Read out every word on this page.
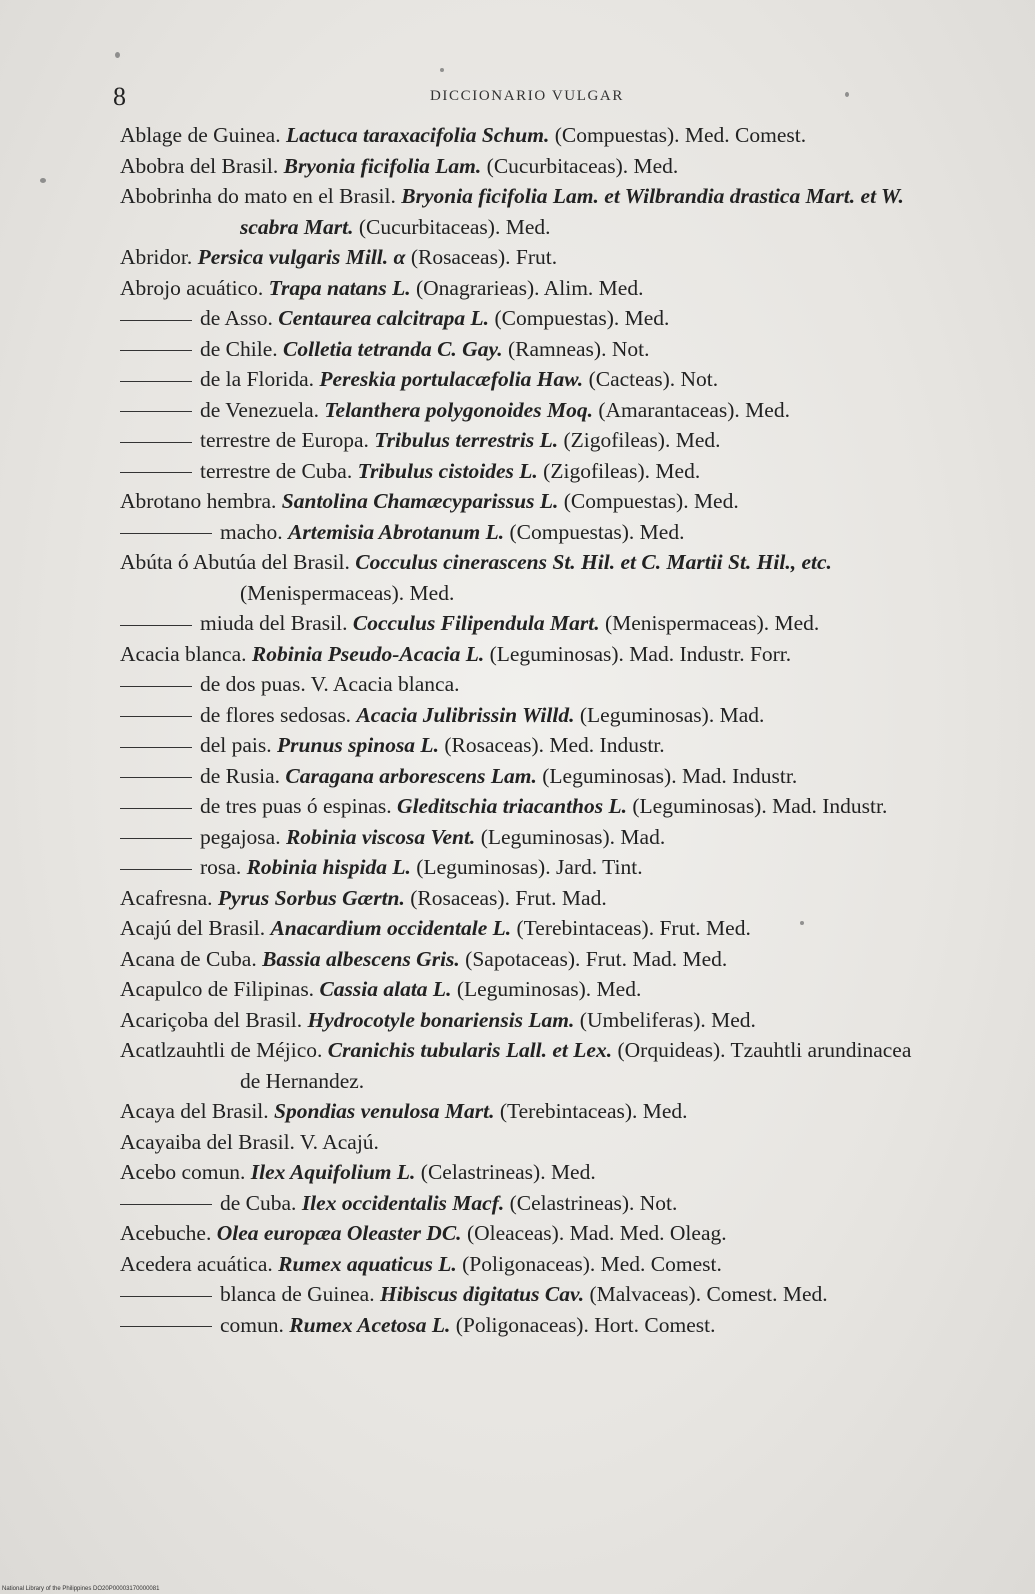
8	DICCIONARIO VULGAR
Ablage de Guinea. Lactuca taraxacifolia Schum. (Compuestas). Med. Comest.
Abobra del Brasil. Bryonia ficifolia Lam. (Cucurbitaceas). Med.
Abobrinha do mato en el Brasil. Bryonia ficifolia Lam. et Wilbrandia drastica Mart. et W. scabra Mart. (Cucurbitaceas). Med.
Abridor. Persica vulgaris Mill. α (Rosaceas). Frut.
Abrojo acuático. Trapa natans L. (Onagrarieas). Alim. Med.
de Asso. Centaurea calcitrapa L. (Compuestas). Med.
de Chile. Colletia tetranda C. Gay. (Ramneas). Not.
de la Florida. Pereskia portulacæfolia Haw. (Cacteas). Not.
de Venezuela. Telanthera polygonoides Moq. (Amarantaceas). Med.
terrestre de Europa. Tribulus terrestris L. (Zigofileas). Med.
terrestre de Cuba. Tribulus cistoides L. (Zigofileas). Med.
Abrotano hembra. Santolina Chamæcyparissus L. (Compuestas). Med.
macho. Artemisia Abrotanum L. (Compuestas). Med.
Abúta ó Abutúa del Brasil. Cocculus cinerascens St. Hil. et C. Martii St. Hil., etc. (Menispermaceas). Med.
miuda del Brasil. Cocculus Filipendula Mart. (Menispermaceas). Med.
Acacia blanca. Robinia Pseudo-Acacia L. (Leguminosas). Mad. Industr. Forr.
de dos puas. V. Acacia blanca.
de flores sedosas. Acacia Julibrissin Willd. (Leguminosas). Mad.
del pais. Prunus spinosa L. (Rosaceas). Med. Industr.
de Rusia. Caragana arborescens Lam. (Leguminosas). Mad. Industr.
de tres puas ó espinas. Gleditschia triacanthos L. (Leguminosas). Mad. Industr.
pegajosa. Robinia viscosa Vent. (Leguminosas). Mad.
rosa. Robinia hispida L. (Leguminosas). Jard. Tint.
Acafresna. Pyrus Sorbus Gærtn. (Rosaceas). Frut. Mad.
Acajú del Brasil. Anacardium occidentale L. (Terebintaceas). Frut. Med.
Acana de Cuba. Bassia albescens Gris. (Sapotaceas). Frut. Mad. Med.
Acapulco de Filipinas. Cassia alata L. (Leguminosas). Med.
Acariçoba del Brasil. Hydrocotyle bonariensis Lam. (Umbeliferas). Med.
Acatlzauhtli de Méjico. Cranichis tubularis Lall. et Lex. (Orquideas). Tzauhtli arundinacea de Hernandez.
Acaya del Brasil. Spondias venulosa Mart. (Terebintaceas). Med.
Acayaiba del Brasil. V. Acajú.
Acebo comun. Ilex Aquifolium L. (Celastrineas). Med.
de Cuba. Ilex occidentalis Macf. (Celastrineas). Not.
Acebuche. Olea europæa Oleaster DC. (Oleaceas). Mad. Med. Oleag.
Acedera acuática. Rumex aquaticus L. (Poligonaceas). Med. Comest.
blanca de Guinea. Hibiscus digitatus Cav. (Malvaceas). Comest. Med.
comun. Rumex Acetosa L. (Poligonaceas). Hort. Comest.
National Library of the Philippines DO20P00003170000081
